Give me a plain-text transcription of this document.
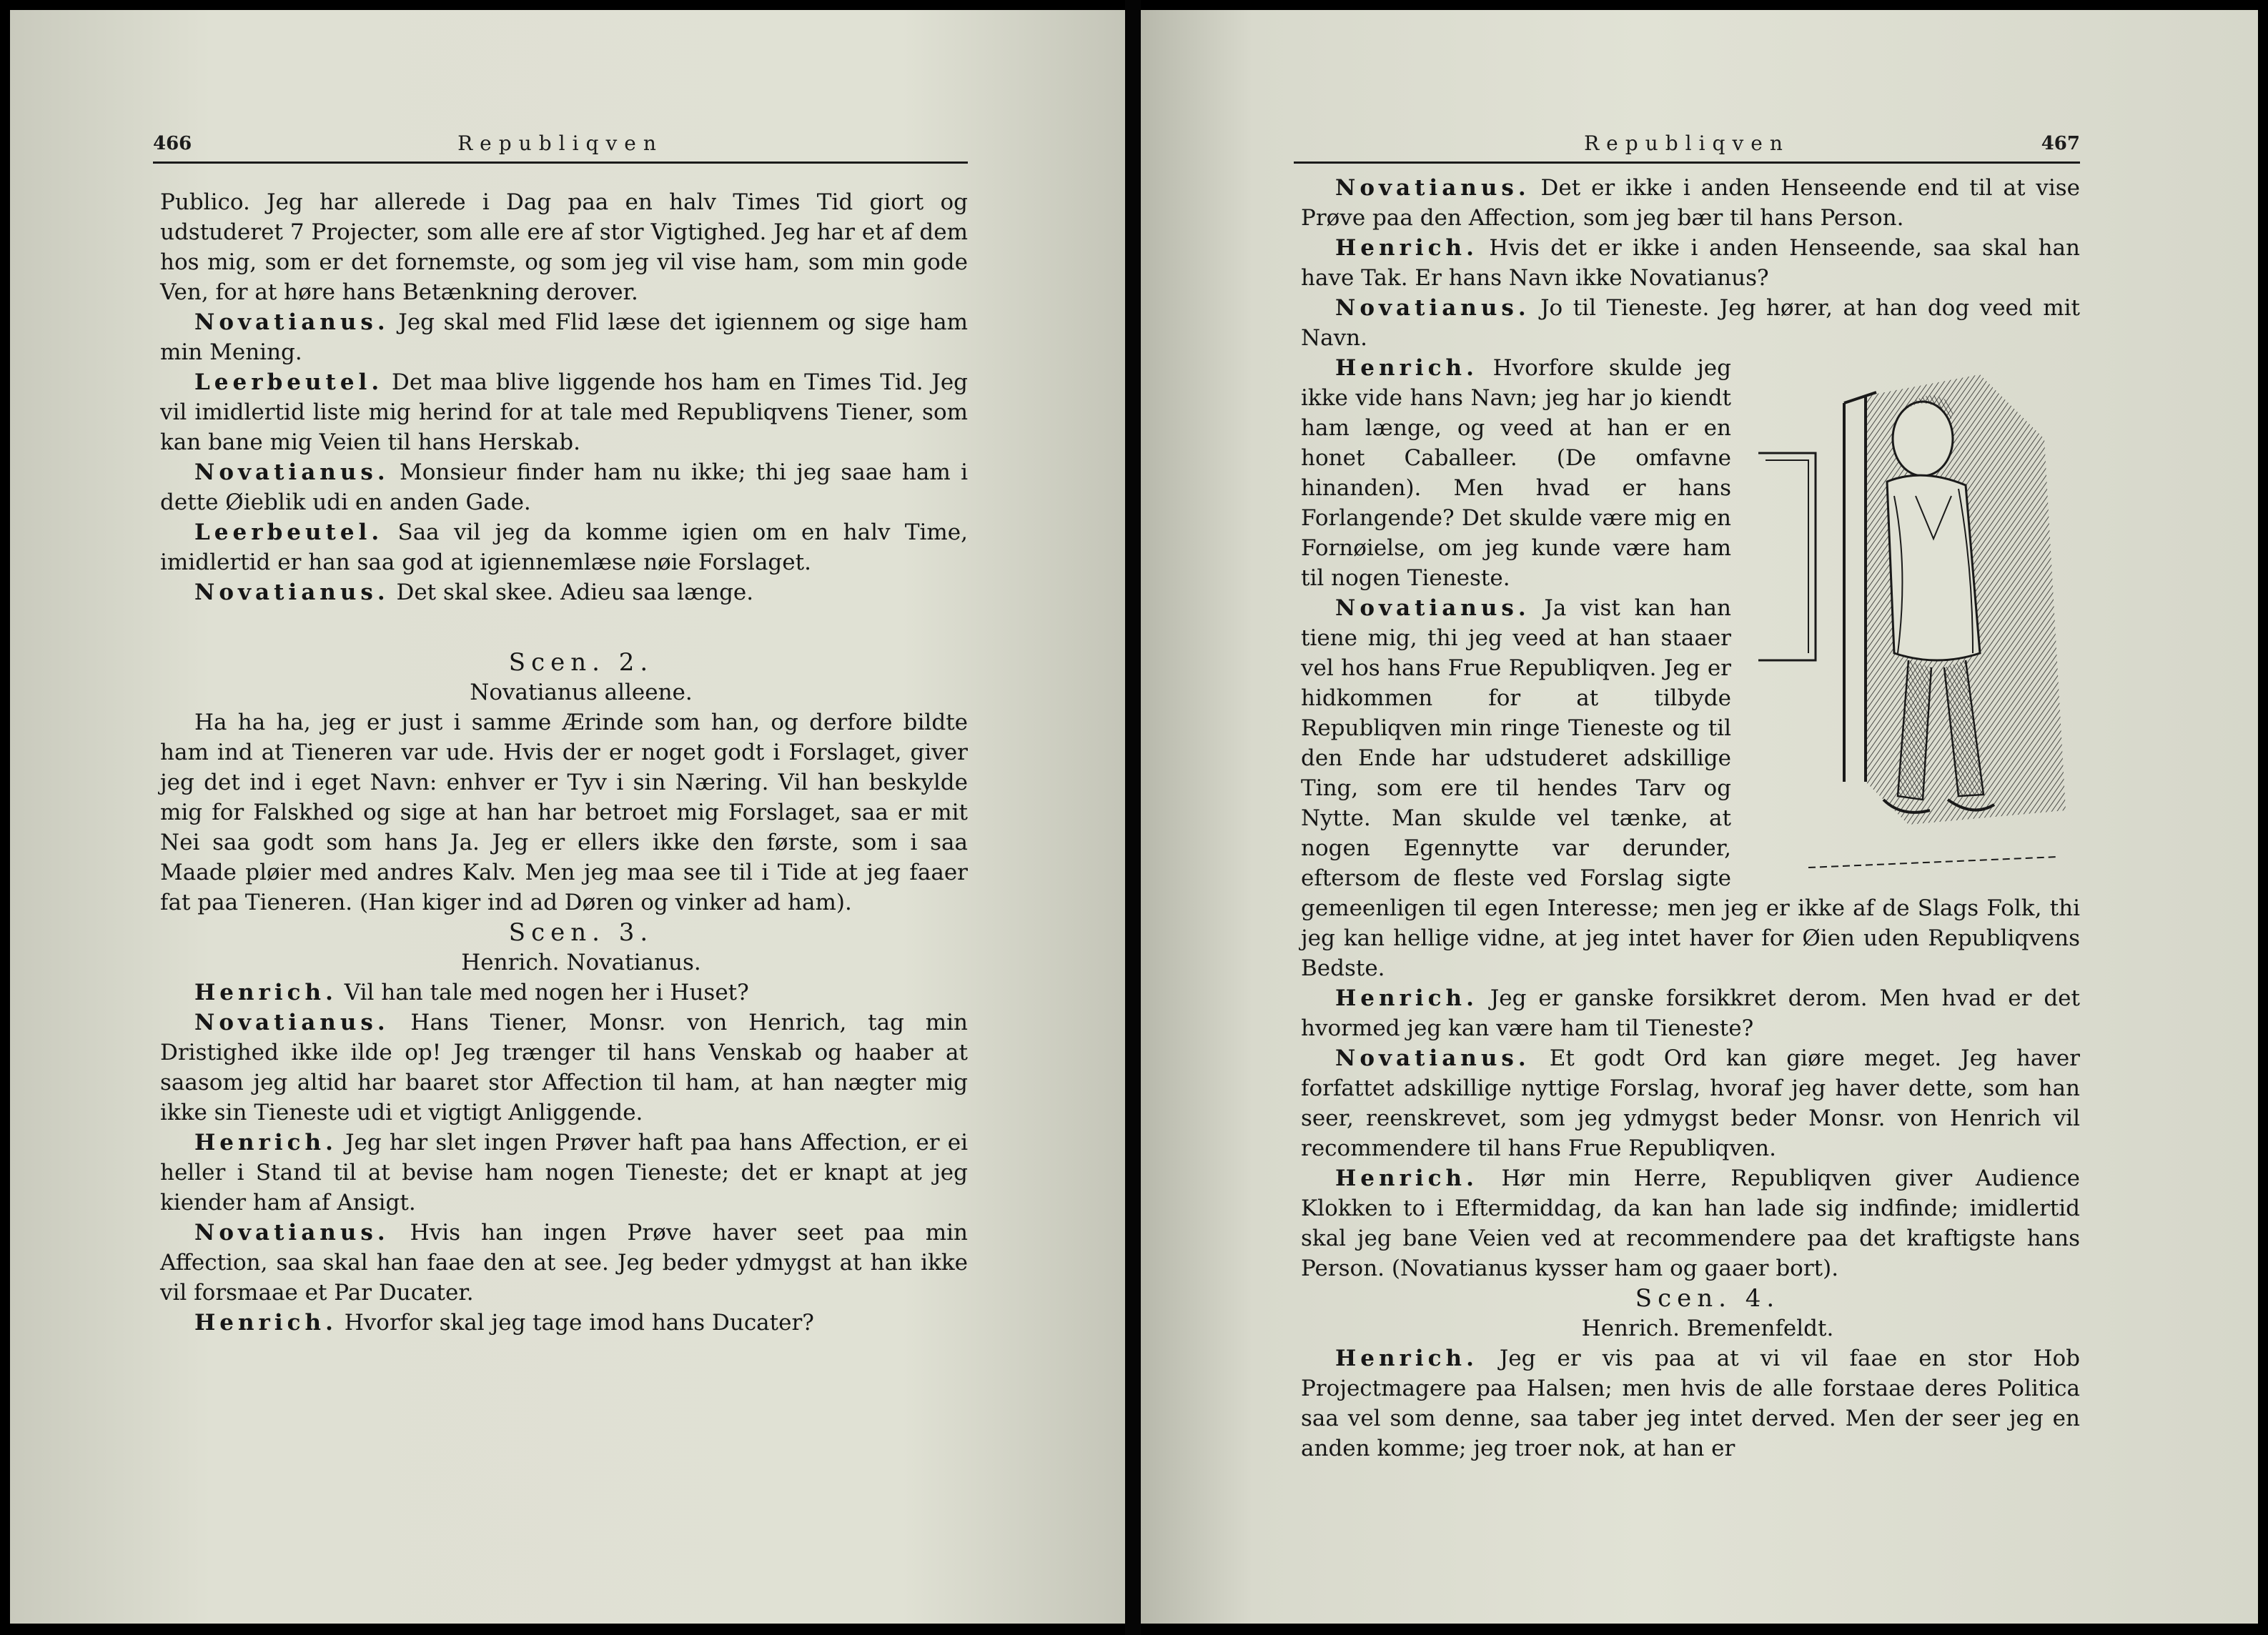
466	Republiqven

Publico. Jeg har allerede i Dag paa en halv Times Tid giort og udstuderet 7 Projecter, som alle ere af stor Vigtighed. Jeg har et af dem hos mig, som er det fornemste, og som jeg vil vise ham, som min gode Ven, for at høre hans Betænkning derover.

Novatianus. Jeg skal med Flid læse det igiennem og sige ham min Mening.

Leerbeutel. Det maa blive liggende hos ham en Times Tid. Jeg vil imidlertid liste mig herind for at tale med Republiqvens Tiener, som kan bane mig Veien til hans Herskab.

Novatianus. Monsieur finder ham nu ikke; thi jeg saae ham i dette Øieblik udi en anden Gade.

Leerbeutel. Saa vil jeg da komme igien om en halv Time, imidlertid er han saa god at igiennemlæse nøie Forslaget.

Novatianus. Det skal skee. Adieu saa længe.

Scen. 2.

Novatianus alleene.

Ha ha ha, jeg er just i samme Ærinde som han, og derfore bildte ham ind at Tieneren var ude. Hvis der er noget godt i Forslaget, giver jeg det ind i eget Navn: enhver er Tyv i sin Næring. Vil han beskylde mig for Falskhed og sige at han har betroet mig Forslaget, saa er mit Nei saa godt som hans Ja. Jeg er ellers ikke den første, som i saa Maade pløier med andres Kalv. Men jeg maa see til i Tide at jeg faaer fat paa Tieneren. (Han kiger ind ad Døren og vinker ad ham).

Scen. 3.

Henrich. Novatianus.

Henrich. Vil han tale med nogen her i Huset?

Novatianus. Hans Tiener, Monsr. von Henrich, tag min Dristighed ikke ilde op! Jeg trænger til hans Venskab og haaber at saasom jeg altid har baaret stor Affection til ham, at han nægter mig ikke sin Tieneste udi et vigtigt Anliggende.

Henrich. Jeg har slet ingen Prøver haft paa hans Affection, er ei heller i Stand til at bevise ham nogen Tieneste; det er knapt at jeg kiender ham af Ansigt.

Novatianus. Hvis han ingen Prøve haver seet paa min Affection, saa skal han faae den at see. Jeg beder ydmygst at han ikke vil forsmaae et Par Ducater.

Henrich. Hvorfor skal jeg tage imod hans Ducater?

Republiqven	467

Novatianus. Det er ikke i anden Henseende end til at vise Prøve paa den Affection, som jeg bær til hans Person.

Henrich. Hvis det er ikke i anden Henseende, saa skal han have Tak. Er hans Navn ikke Novatianus?

Novatianus. Jo til Tieneste. Jeg hører, at han dog veed mit Navn.

Henrich. Hvorfore skulde jeg ikke vide hans Navn; jeg har jo kiendt ham længe, og veed at han er en honet Caballeer. (De omfavne hinanden). Men hvad er hans Forlangende? Det skulde være mig en Fornøielse, om jeg kunde være ham til nogen Tieneste.

Novatianus. Ja vist kan han tiene mig, thi jeg veed at han staaer vel hos hans Frue Republiqven. Jeg er hidkommen for at tilbyde Republiqven min ringe Tieneste og til den Ende har udstuderet adskillige Ting, som ere til hendes Tarv og Nytte. Man skulde vel tænke, at nogen Egennytte var derunder, eftersom de fleste ved Forslag sigte gemeenligen til egen Interesse; men jeg er ikke af de Slags Folk, thi jeg kan hellige vidne, at jeg intet haver for Øien uden Republiqvens Bedste.

Henrich. Jeg er ganske forsikkret derom. Men hvad er det hvormed jeg kan være ham til Tieneste?

Novatianus. Et godt Ord kan giøre meget. Jeg haver forfattet adskillige nyttige Forslag, hvoraf jeg haver dette, som han seer, reenskrevet, som jeg ydmygst beder Monsr. von Henrich vil recommendere til hans Frue Republiqven.

Henrich. Hør min Herre, Republiqven giver Audience Klokken to i Eftermiddag, da kan han lade sig indfinde; imidlertid skal jeg bane Veien ved at recommendere paa det kraftigste hans Person. (Novatianus kysser ham og gaaer bort).

Scen. 4.

Henrich. Bremenfeldt.

Henrich. Jeg er vis paa at vi vil faae en stor Hob Projectmagere paa Halsen; men hvis de alle forstaae deres Politica saa vel som denne, saa taber jeg intet derved. Men der seer jeg en anden komme; jeg troer nok, at han er
